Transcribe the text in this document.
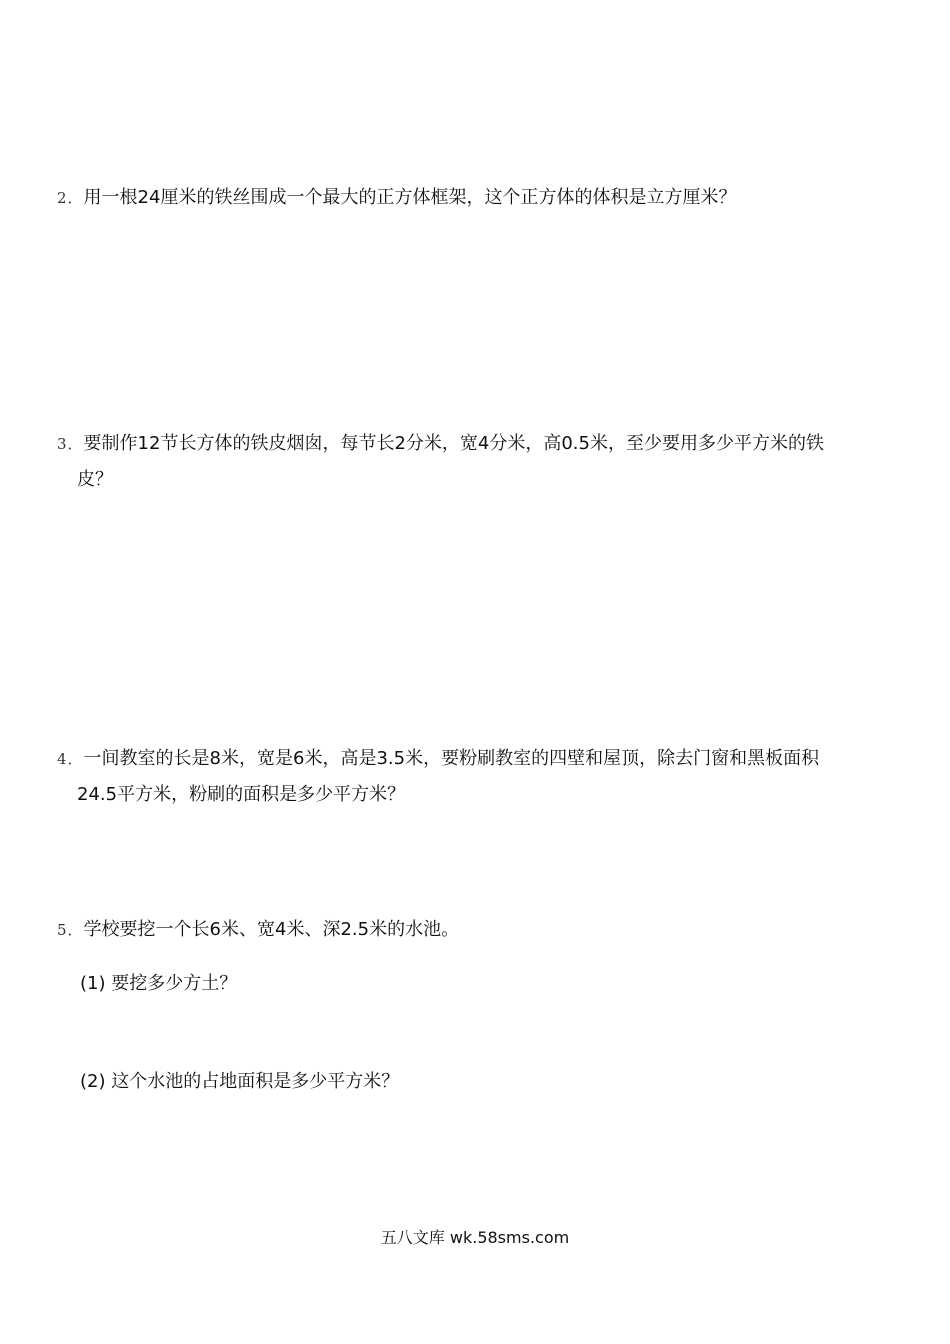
2．用一根24厘米的铁丝围成一个最大的正方体框架，这个正方体的体积是立方厘米？
3．要制作12节长方体的铁皮烟囱，每节长2分米，宽4分米，高0.5米，至少要用多少平方米的铁
皮？
4．一间教室的长是8米，宽是6米，高是3.5米，要粉刷教室的四壁和屋顶，除去门窗和黑板面积
24.5平方米，粉刷的面积是多少平方米？
5．学校要挖一个长6米、宽4米、深2.5米的水池。
(1) 要挖多少方土？
(2) 这个水池的占地面积是多少平方米？
五八文库 wk.58sms.com
